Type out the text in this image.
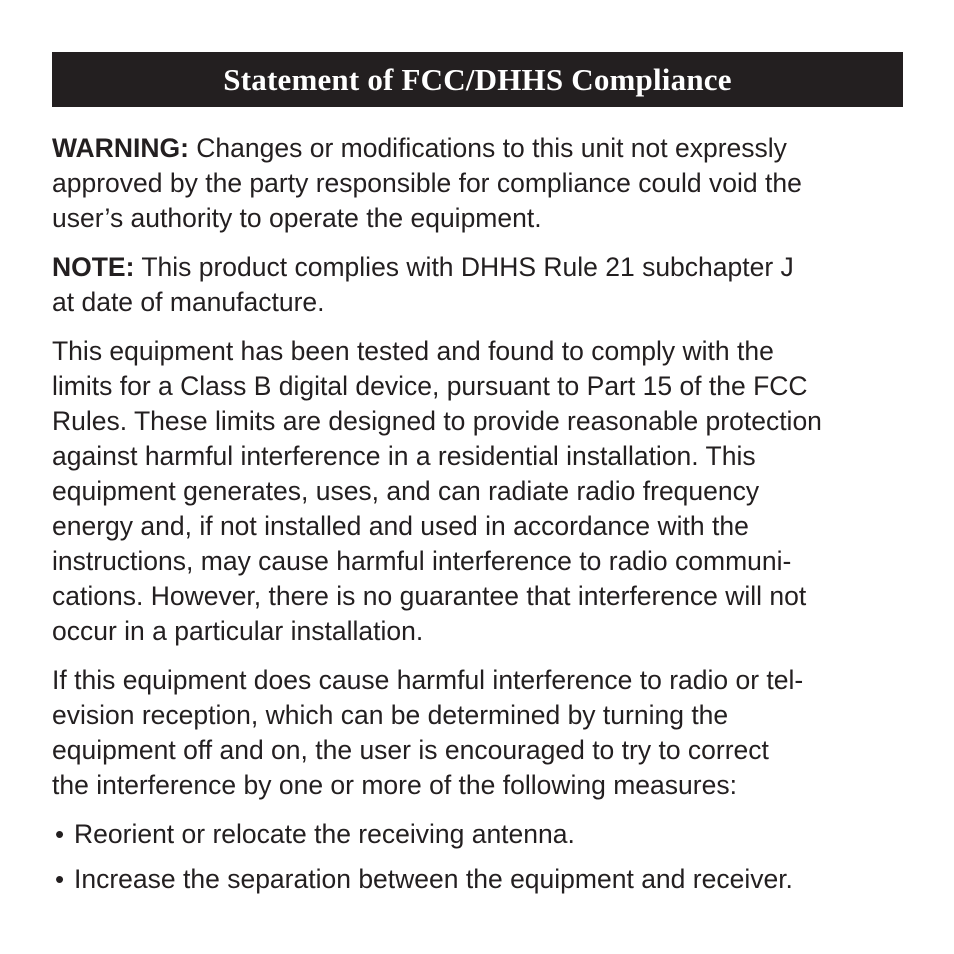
Statement of FCC/DHHS Compliance

WARNING: Changes or modifications to this unit not expressly
approved by the party responsible for compliance could void the
user’s authority to operate the equipment.

NOTE: This product complies with DHHS Rule 21 subchapter J
at date of manufacture.

This equipment has been tested and found to comply with the
limits for a Class B digital device, pursuant to Part 15 of the FCC
Rules. These limits are designed to provide reasonable protection
against harmful interference in a residential installation. This
equipment generates, uses, and can radiate radio frequency
energy and, if not installed and used in accordance with the
instructions, may cause harmful interference to radio communi-
cations. However, there is no guarantee that interference will not
occur in a particular installation.

If this equipment does cause harmful interference to radio or tel-
evision reception, which can be determined by turning the
equipment off and on, the user is encouraged to try to correct
the interference by one or more of the following measures:

• Reorient or relocate the receiving antenna.
• Increase the separation between the equipment and receiver.
